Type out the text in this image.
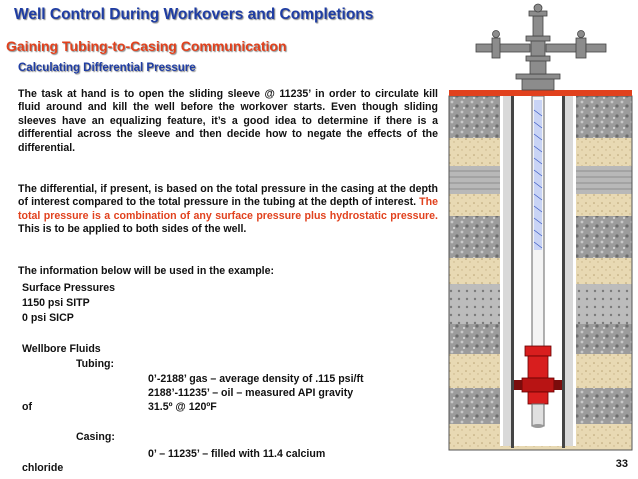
Well Control During Workovers and Completions
Gaining Tubing-to-Casing Communication
Calculating Differential Pressure
The task at hand is to open the sliding sleeve @ 11235’ in order to circulate kill fluid around and kill the well before the workover starts. Even though sliding sleeves have an equalizing feature, it’s a good idea to determine if there is a differential across the sleeve and then decide how to negate the effects of the differential.
The differential, if present, is based on the total pressure in the casing at the depth of interest compared to the total pressure in the tubing at the depth of interest. The total pressure is a combination of any surface pressure plus hydrostatic pressure. This is to be applied to both sides of the well.
The information below will be used in the example:
Surface Pressures
1150 psi SITP
0 psi SICP
Wellbore Fluids
Tubing:
0’-2188’ gas – average density of .115 psi/ft
2188’-11235’ – oil – measured API gravity
of	31.5º @ 120ºF
Casing:
0’ – 11235’ – filled with 11.4 calcium
chloride	33
